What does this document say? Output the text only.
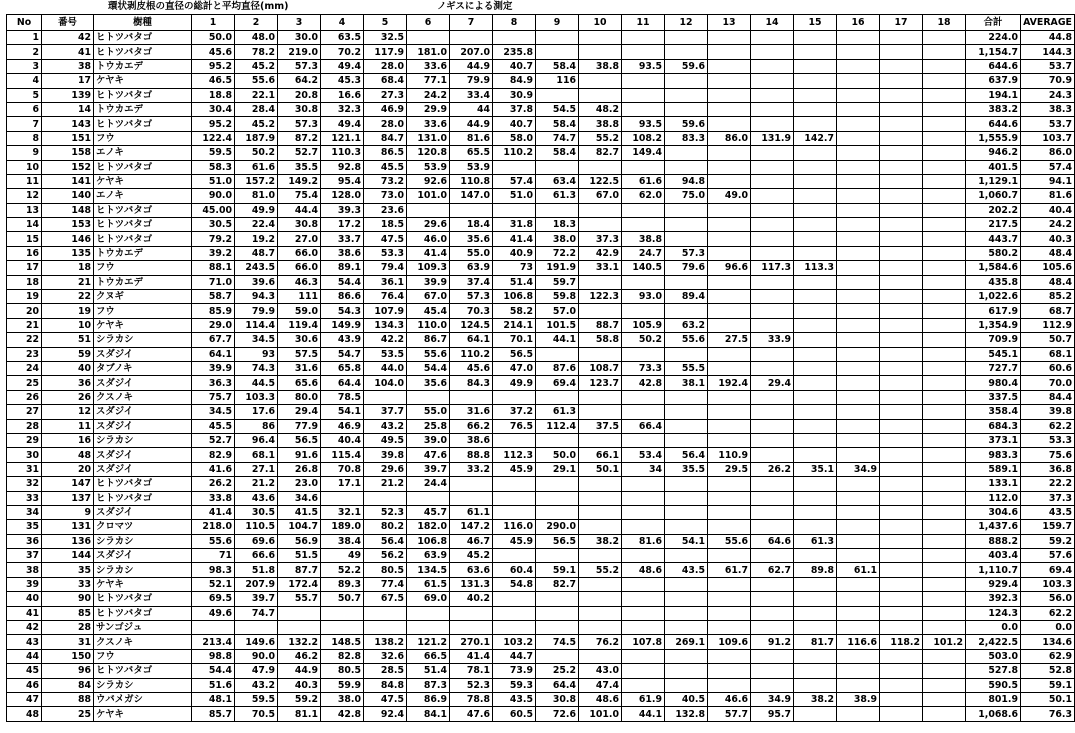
環状剥皮根の直径の総計と平均直径(mm)	ノギスによる測定
No	番号	樹種	1	2	3	4	5	6	7	8	9	10	11	12	13	14	15	16	17	18	合計	AVERAGE
1	42	ヒトツバタゴ	50.0	48.0	30.0	63.5	32.5														224.0	44.8
2	41	ヒトツバタゴ	45.6	78.2	219.0	70.2	117.9	181.0	207.0	235.8											1,154.7	144.3
3	38	トウカエデ	95.2	45.2	57.3	49.4	28.0	33.6	44.9	40.7	58.4	38.8	93.5	59.6							644.6	53.7
4	17	ケヤキ	46.5	55.6	64.2	45.3	68.4	77.1	79.9	84.9	116										637.9	70.9
5	139	ヒトツバタゴ	18.8	22.1	20.8	16.6	27.3	24.2	33.4	30.9											194.1	24.3
6	14	トウカエデ	30.4	28.4	30.8	32.3	46.9	29.9	44	37.8	54.5	48.2									383.2	38.3
7	143	ヒトツバタゴ	95.2	45.2	57.3	49.4	28.0	33.6	44.9	40.7	58.4	38.8	93.5	59.6							644.6	53.7
8	151	フウ	122.4	187.9	87.2	121.1	84.7	131.0	81.6	58.0	74.7	55.2	108.2	83.3	86.0	131.9	142.7				1,555.9	103.7
9	158	エノキ	59.5	50.2	52.7	110.3	86.5	120.8	65.5	110.2	58.4	82.7	149.4								946.2	86.0
10	152	ヒトツバタゴ	58.3	61.6	35.5	92.8	45.5	53.9	53.9												401.5	57.4
11	141	ケヤキ	51.0	157.2	149.2	95.4	73.2	92.6	110.8	57.4	63.4	122.5	61.6	94.8							1,129.1	94.1
12	140	エノキ	90.0	81.0	75.4	128.0	73.0	101.0	147.0	51.0	61.3	67.0	62.0	75.0	49.0						1,060.7	81.6
13	148	ヒトツバタゴ	45.00	49.9	44.4	39.3	23.6														202.2	40.4
14	153	ヒトツバタゴ	30.5	22.4	30.8	17.2	18.5	29.6	18.4	31.8	18.3										217.5	24.2
15	146	ヒトツバタゴ	79.2	19.2	27.0	33.7	47.5	46.0	35.6	41.4	38.0	37.3	38.8								443.7	40.3
16	135	トウカエデ	39.2	48.7	66.0	38.6	53.3	41.4	55.0	40.9	72.2	42.9	24.7	57.3							580.2	48.4
17	18	フウ	88.1	243.5	66.0	89.1	79.4	109.3	63.9	73	191.9	33.1	140.5	79.6	96.6	117.3	113.3				1,584.6	105.6
18	21	トウカエデ	71.0	39.6	46.3	54.4	36.1	39.9	37.4	51.4	59.7										435.8	48.4
19	22	クヌギ	58.7	94.3	111	86.6	76.4	67.0	57.3	106.8	59.8	122.3	93.0	89.4							1,022.6	85.2
20	19	フウ	85.9	79.9	59.0	54.3	107.9	45.4	70.3	58.2	57.0										617.9	68.7
21	10	ケヤキ	29.0	114.4	119.4	149.9	134.3	110.0	124.5	214.1	101.5	88.7	105.9	63.2							1,354.9	112.9
22	51	シラカシ	67.7	34.5	30.6	43.9	42.2	86.7	64.1	70.1	44.1	58.8	50.2	55.6	27.5	33.9					709.9	50.7
23	59	スダジイ	64.1	93	57.5	54.7	53.5	55.6	110.2	56.5											545.1	68.1
24	40	タブノキ	39.9	74.3	31.6	65.8	44.0	54.4	45.6	47.0	87.6	108.7	73.3	55.5							727.7	60.6
25	36	スダジイ	36.3	44.5	65.6	64.4	104.0	35.6	84.3	49.9	69.4	123.7	42.8	38.1	192.4	29.4					980.4	70.0
26	26	クスノキ	75.7	103.3	80.0	78.5															337.5	84.4
27	12	スダジイ	34.5	17.6	29.4	54.1	37.7	55.0	31.6	37.2	61.3										358.4	39.8
28	11	スダジイ	45.5	86	77.9	46.9	43.2	25.8	66.2	76.5	112.4	37.5	66.4								684.3	62.2
29	16	シラカシ	52.7	96.4	56.5	40.4	49.5	39.0	38.6												373.1	53.3
30	48	スダジイ	82.9	68.1	91.6	115.4	39.8	47.6	88.8	112.3	50.0	66.1	53.4	56.4	110.9						983.3	75.6
31	20	スダジイ	41.6	27.1	26.8	70.8	29.6	39.7	33.2	45.9	29.1	50.1	34	35.5	29.5	26.2	35.1	34.9			589.1	36.8
32	147	ヒトツバタゴ	26.2	21.2	23.0	17.1	21.2	24.4													133.1	22.2
33	137	ヒトツバタゴ	33.8	43.6	34.6																112.0	37.3
34	9	スダジイ	41.4	30.5	41.5	32.1	52.3	45.7	61.1												304.6	43.5
35	131	クロマツ	218.0	110.5	104.7	189.0	80.2	182.0	147.2	116.0	290.0										1,437.6	159.7
36	136	シラカシ	55.6	69.6	56.9	38.4	56.4	106.8	46.7	45.9	56.5	38.2	81.6	54.1	55.6	64.6	61.3				888.2	59.2
37	144	スダジイ	71	66.6	51.5	49	56.2	63.9	45.2												403.4	57.6
38	35	シラカシ	98.3	51.8	87.7	52.2	80.5	134.5	63.6	60.4	59.1	55.2	48.6	43.5	61.7	62.7	89.8	61.1			1,110.7	69.4
39	33	ケヤキ	52.1	207.9	172.4	89.3	77.4	61.5	131.3	54.8	82.7										929.4	103.3
40	90	ヒトツバタゴ	69.5	39.7	55.7	50.7	67.5	69.0	40.2												392.3	56.0
41	85	ヒトツバタゴ	49.6	74.7																	124.3	62.2
42	28	サンゴジュ																			0.0	0.0
43	31	クスノキ	213.4	149.6	132.2	148.5	138.2	121.2	270.1	103.2	74.5	76.2	107.8	269.1	109.6	91.2	81.7	116.6	118.2	101.2	2,422.5	134.6
44	150	フウ	98.8	90.0	46.2	82.8	32.6	66.5	41.4	44.7											503.0	62.9
45	96	ヒトツバタゴ	54.4	47.9	44.9	80.5	28.5	51.4	78.1	73.9	25.2	43.0									527.8	52.8
46	84	シラカシ	51.6	43.2	40.3	59.9	84.8	87.3	52.3	59.3	64.4	47.4									590.5	59.1
47	88	ウバメガシ	48.1	59.5	59.2	38.0	47.5	86.9	78.8	43.5	30.8	48.6	61.9	40.5	46.6	34.9	38.2	38.9			801.9	50.1
48	25	ケヤキ	85.7	70.5	81.1	42.8	92.4	84.1	47.6	60.5	72.6	101.0	44.1	132.8	57.7	95.7					1,068.6	76.3
